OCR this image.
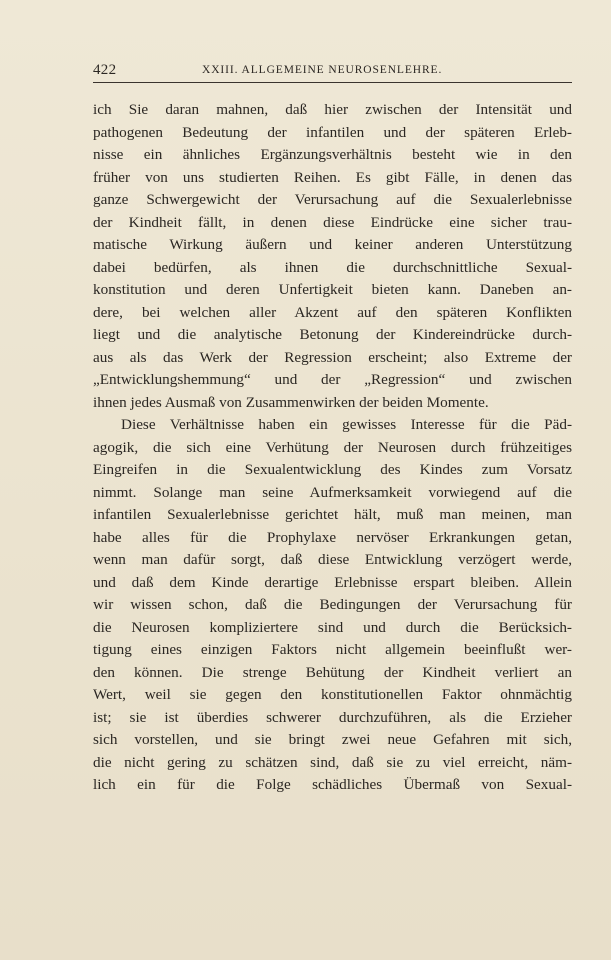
422	XXIII. ALLGEMEINE NEUROSENLEHRE.
ich Sie daran mahnen, daß hier zwischen der Intensität und
pathogenen Bedeutung der infantilen und der späteren Erleb-
nisse ein ähnliches Ergänzungsverhältnis besteht wie in den
früher von uns studierten Reihen. Es gibt Fälle, in denen das
ganze Schwergewicht der Verursachung auf die Sexualerlebnisse
der Kindheit fällt, in denen diese Eindrücke eine sicher trau-
matische Wirkung äußern und keiner anderen Unterstützung
dabei bedürfen, als ihnen die durchschnittliche Sexual-
konstitution und deren Unfertigkeit bieten kann. Daneben an-
dere, bei welchen aller Akzent auf den späteren Konflikten
liegt und die analytische Betonung der Kindereindrücke durch-
aus als das Werk der Regression erscheint; also Extreme der
„Entwicklungshemmung“ und der „Regression“ und zwischen
ihnen jedes Ausmaß von Zusammenwirken der beiden Momente.
Diese Verhältnisse haben ein gewisses Interesse für die Päd-
agogik, die sich eine Verhütung der Neurosen durch frühzeitiges
Eingreifen in die Sexualentwicklung des Kindes zum Vorsatz
nimmt. Solange man seine Aufmerksamkeit vorwiegend auf die
infantilen Sexualerlebnisse gerichtet hält, muß man meinen, man
habe alles für die Prophylaxe nervöser Erkrankungen getan,
wenn man dafür sorgt, daß diese Entwicklung verzögert werde,
und daß dem Kinde derartige Erlebnisse erspart bleiben. Allein
wir wissen schon, daß die Bedingungen der Verursachung für
die Neurosen kompliziertere sind und durch die Berücksich-
tigung eines einzigen Faktors nicht allgemein beeinflußt wer-
den können. Die strenge Behütung der Kindheit verliert an
Wert, weil sie gegen den konstitutionellen Faktor ohnmächtig
ist; sie ist überdies schwerer durchzuführen, als die Erzieher
sich vorstellen, und sie bringt zwei neue Gefahren mit sich,
die nicht gering zu schätzen sind, daß sie zu viel erreicht, näm-
lich ein für die Folge schädliches Übermaß von Sexual-
